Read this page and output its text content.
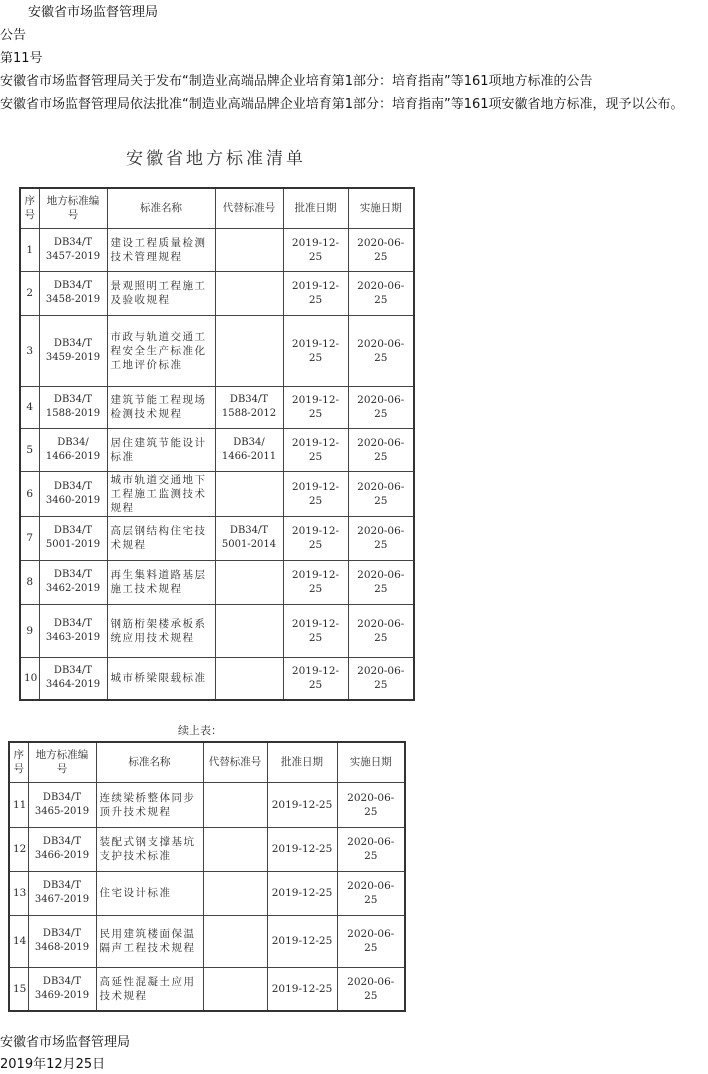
安徽省市场监督管理局
公告
第11号
安徽省市场监督管理局关于发布“制造业高端品牌企业培育第1部分：培育指南”等161项地方标准的公告
安徽省市场监督管理局依法批准“制造业高端品牌企业培育第1部分：培育指南”等161项安徽省地方标准，现予以公布。
安徽省地方标准清单
序号	地方标准编号	标准名称	代替标准号	批准日期	实施日期
1	DB34/T 3457-2019	建设工程质量检测技术管理规程		2019-12-25	2020-06-25
2	DB34/T 3458-2019	景观照明工程施工及验收规程		2019-12-25	2020-06-25
3	DB34/T 3459-2019	市政与轨道交通工程安全生产标准化工地评价标准		2019-12-25	2020-06-25
4	DB34/T 1588-2019	建筑节能工程现场检测技术规程	DB34/T 1588-2012	2019-12-25	2020-06-25
5	DB34/ 1466-2019	居住建筑节能设计标准	DB34/ 1466-2011	2019-12-25	2020-06-25
6	DB34/T 3460-2019	城市轨道交通地下工程施工监测技术规程		2019-12-25	2020-06-25
7	DB34/T 5001-2019	高层钢结构住宅技术规程	DB34/T 5001-2014	2019-12-25	2020-06-25
8	DB34/T 3462-2019	再生集料道路基层施工技术规程		2019-12-25	2020-06-25
9	DB34/T 3463-2019	钢筋桁架楼承板系统应用技术规程		2019-12-25	2020-06-25
10	DB34/T 3464-2019	城市桥梁限载标准		2019-12-25	2020-06-25
续上表：
序号	地方标准编号	标准名称	代替标准号	批准日期	实施日期
11	DB34/T 3465-2019	连续梁桥整体同步顶升技术规程		2019-12-25	2020-06-25
12	DB34/T 3466-2019	装配式钢支撑基坑支护技术标准		2019-12-25	2020-06-25
13	DB34/T 3467-2019	住宅设计标准		2019-12-25	2020-06-25
14	DB34/T 3468-2019	民用建筑楼面保温隔声工程技术规程		2019-12-25	2020-06-25
15	DB34/T 3469-2019	高延性混凝土应用技术规程		2019-12-25	2020-06-25
安徽省市场监督管理局
2019年12月25日
